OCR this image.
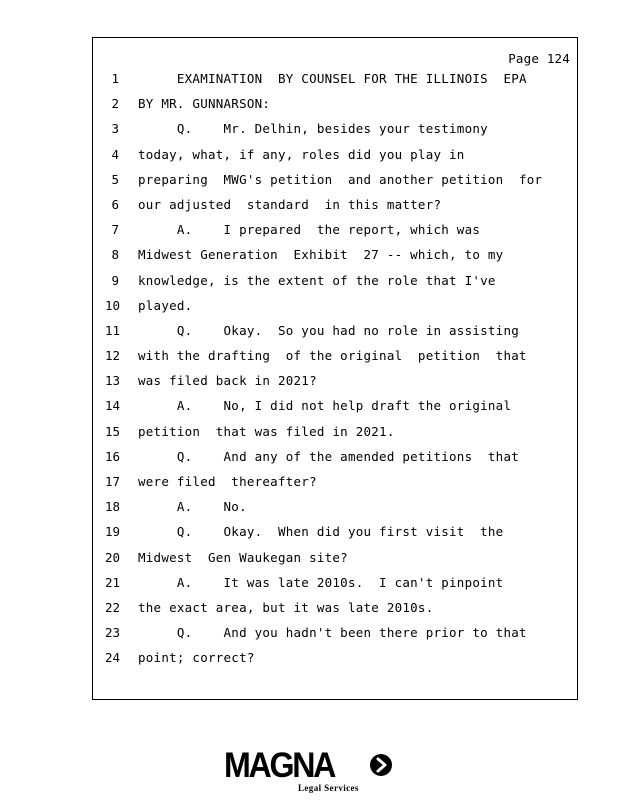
Page 124
1 EXAMINATION  BY COUNSEL FOR THE ILLINOIS  EPA
2 BY MR. GUNNARSON:
3 Q.    Mr. Delhin, besides your testimony
4 today, what, if any, roles did you play in
5 preparing  MWG's petition  and another petition  for
6 our adjusted  standard  in this matter?
7 A.    I prepared  the report, which was
8 Midwest Generation  Exhibit  27 -- which, to my
9 knowledge, is the extent of the role that I've
10 played.
11 Q.    Okay.  So you had no role in assisting
12 with the drafting  of the original  petition  that
13 was filed back in 2021?
14 A.    No, I did not help draft the original
15 petition  that was filed in 2021.
16 Q.    And any of the amended petitions  that
17 were filed  thereafter?
18 A.    No.
19 Q.    Okay.  When did you first visit  the
20 Midwest  Gen Waukegan site?
21 A.    It was late 2010s.  I can't pinpoint
22 the exact area, but it was late 2010s.
23 Q.    And you hadn't been there prior to that
24 point; correct?
MAGNA
Legal Services
